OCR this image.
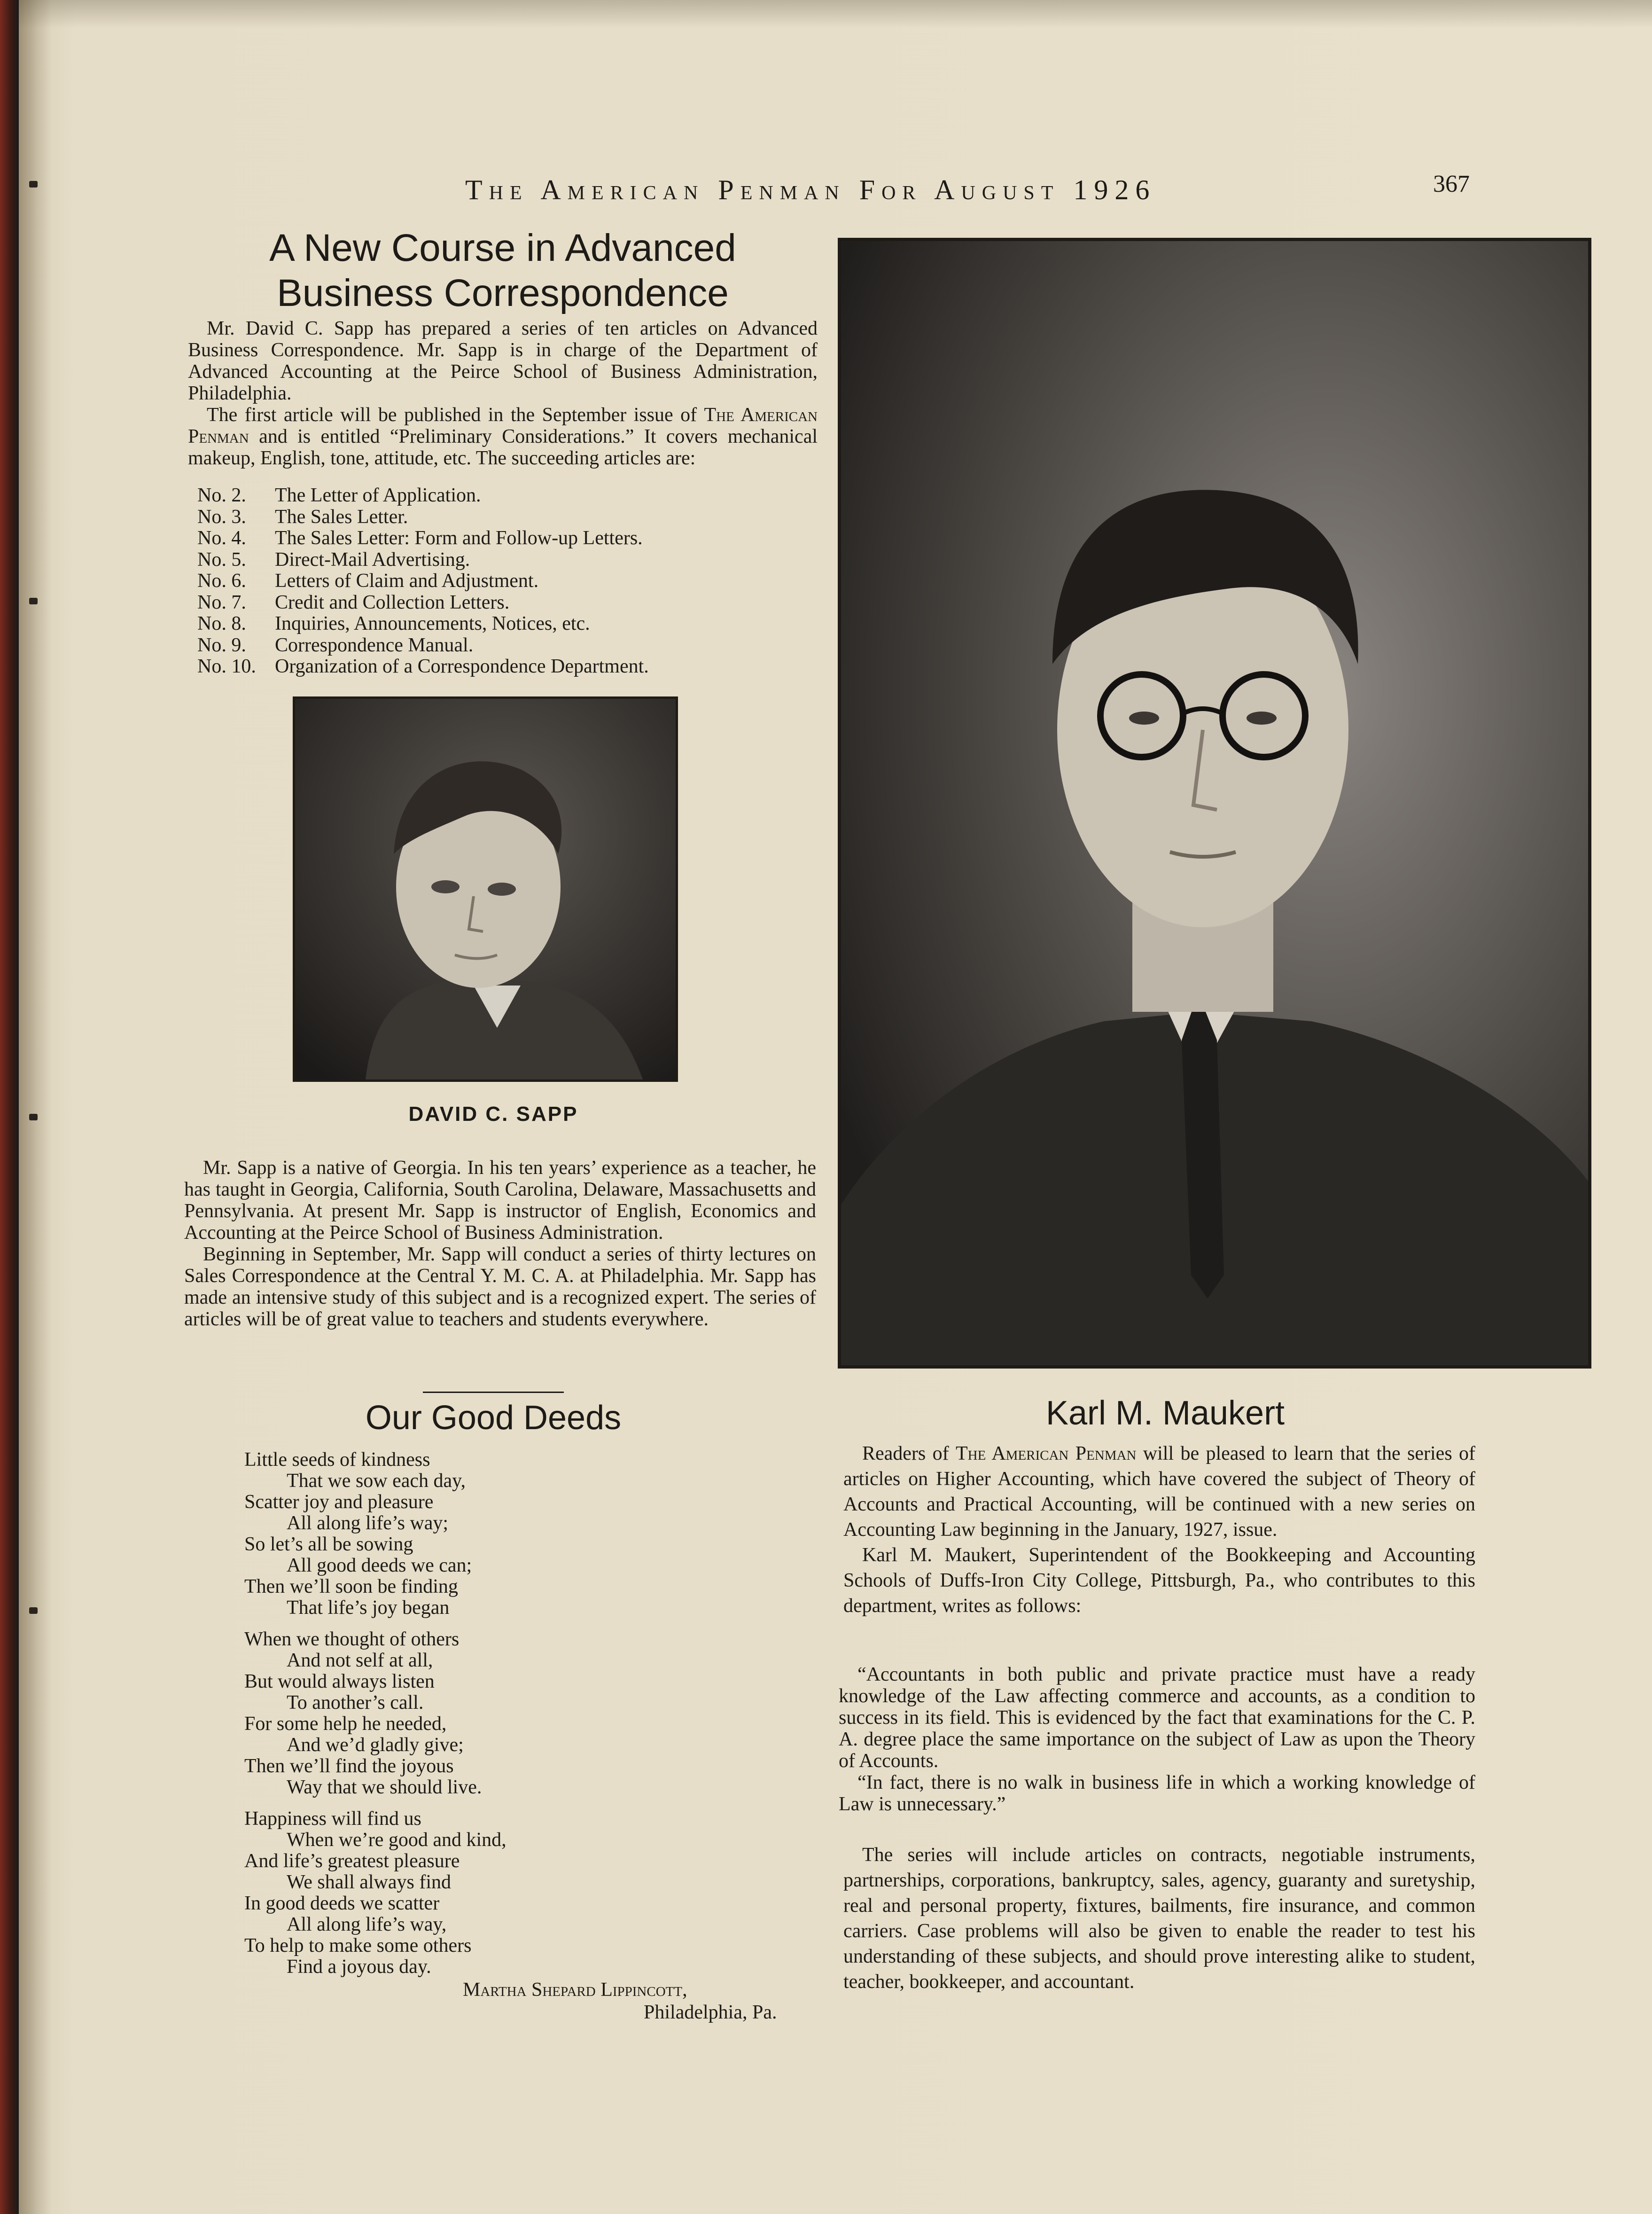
The American Penman For August 1926	367
A New Course in Advanced
Business Correspondence
Mr. David C. Sapp has prepared a series of ten articles on Advanced Business Correspondence. Mr. Sapp is in charge of the Department of Advanced Accounting at the Peirce School of Business Administration, Philadelphia.
The first article will be published in the September issue of The American Penman and is entitled “Preliminary Considerations.” It covers mechanical makeup, English, tone, attitude, etc. The succeeding articles are:
No. 2.	The Letter of Application.
No. 3.	The Sales Letter.
No. 4.	The Sales Letter: Form and Follow-up Letters.
No. 5.	Direct-Mail Advertising.
No. 6.	Letters of Claim and Adjustment.
No. 7.	Credit and Collection Letters.
No. 8.	Inquiries, Announcements, Notices, etc.
No. 9.	Correspondence Manual.
No. 10. Organization of a Correspondence Department.
DAVID C. SAPP
Mr. Sapp is a native of Georgia. In his ten years’ experience as a teacher, he has taught in Georgia, California, South Carolina, Delaware, Massachusetts and Pennsylvania. At present Mr. Sapp is instructor of English, Economics and Accounting at the Peirce School of Business Administration.
Beginning in September, Mr. Sapp will conduct a series of thirty lectures on Sales Correspondence at the Central Y. M. C. A. at Philadelphia. Mr. Sapp has made an intensive study of this subject and is a recognized expert. The series of articles will be of great value to teachers and students everywhere.
Our Good Deeds
Little seeds of kindness
That we sow each day,
Scatter joy and pleasure
All along life’s way;
So let’s all be sowing
All good deeds we can;
Then we’ll soon be finding
That life’s joy began
When we thought of others
And not self at all,
But would always listen
To another’s call.
For some help he needed,
And we’d gladly give;
Then we’ll find the joyous
Way that we should live.
Happiness will find us
When we’re good and kind,
And life’s greatest pleasure
We shall always find
In good deeds we scatter
All along life’s way,
To help to make some others
Find a joyous day.
Martha Shepard Lippincott,
Philadelphia, Pa.
Karl M. Maukert
Readers of The American Penman will be pleased to learn that the series of articles on Higher Accounting, which have covered the subject of Theory of Accounts and Practical Accounting, will be continued with a new series on Accounting Law beginning in the January, 1927, issue.
Karl M. Maukert, Superintendent of the Bookkeeping and Accounting Schools of Duffs-Iron City College, Pittsburgh, Pa., who contributes to this department, writes as follows:
“Accountants in both public and private practice must have a ready knowledge of the Law affecting commerce and accounts, as a condition to success in its field. This is evidenced by the fact that examinations for the C. P. A. degree place the same importance on the subject of Law as upon the Theory of Accounts.
“In fact, there is no walk in business life in which a working knowledge of Law is unnecessary.”
The series will include articles on contracts, negotiable instruments, partnerships, corporations, bankruptcy, sales, agency, guaranty and suretyship, real and personal property, fixtures, bailments, fire insurance, and common carriers. Case problems will also be given to enable the reader to test his understanding of these subjects, and should prove interesting alike to student, teacher, bookkeeper, and accountant.
